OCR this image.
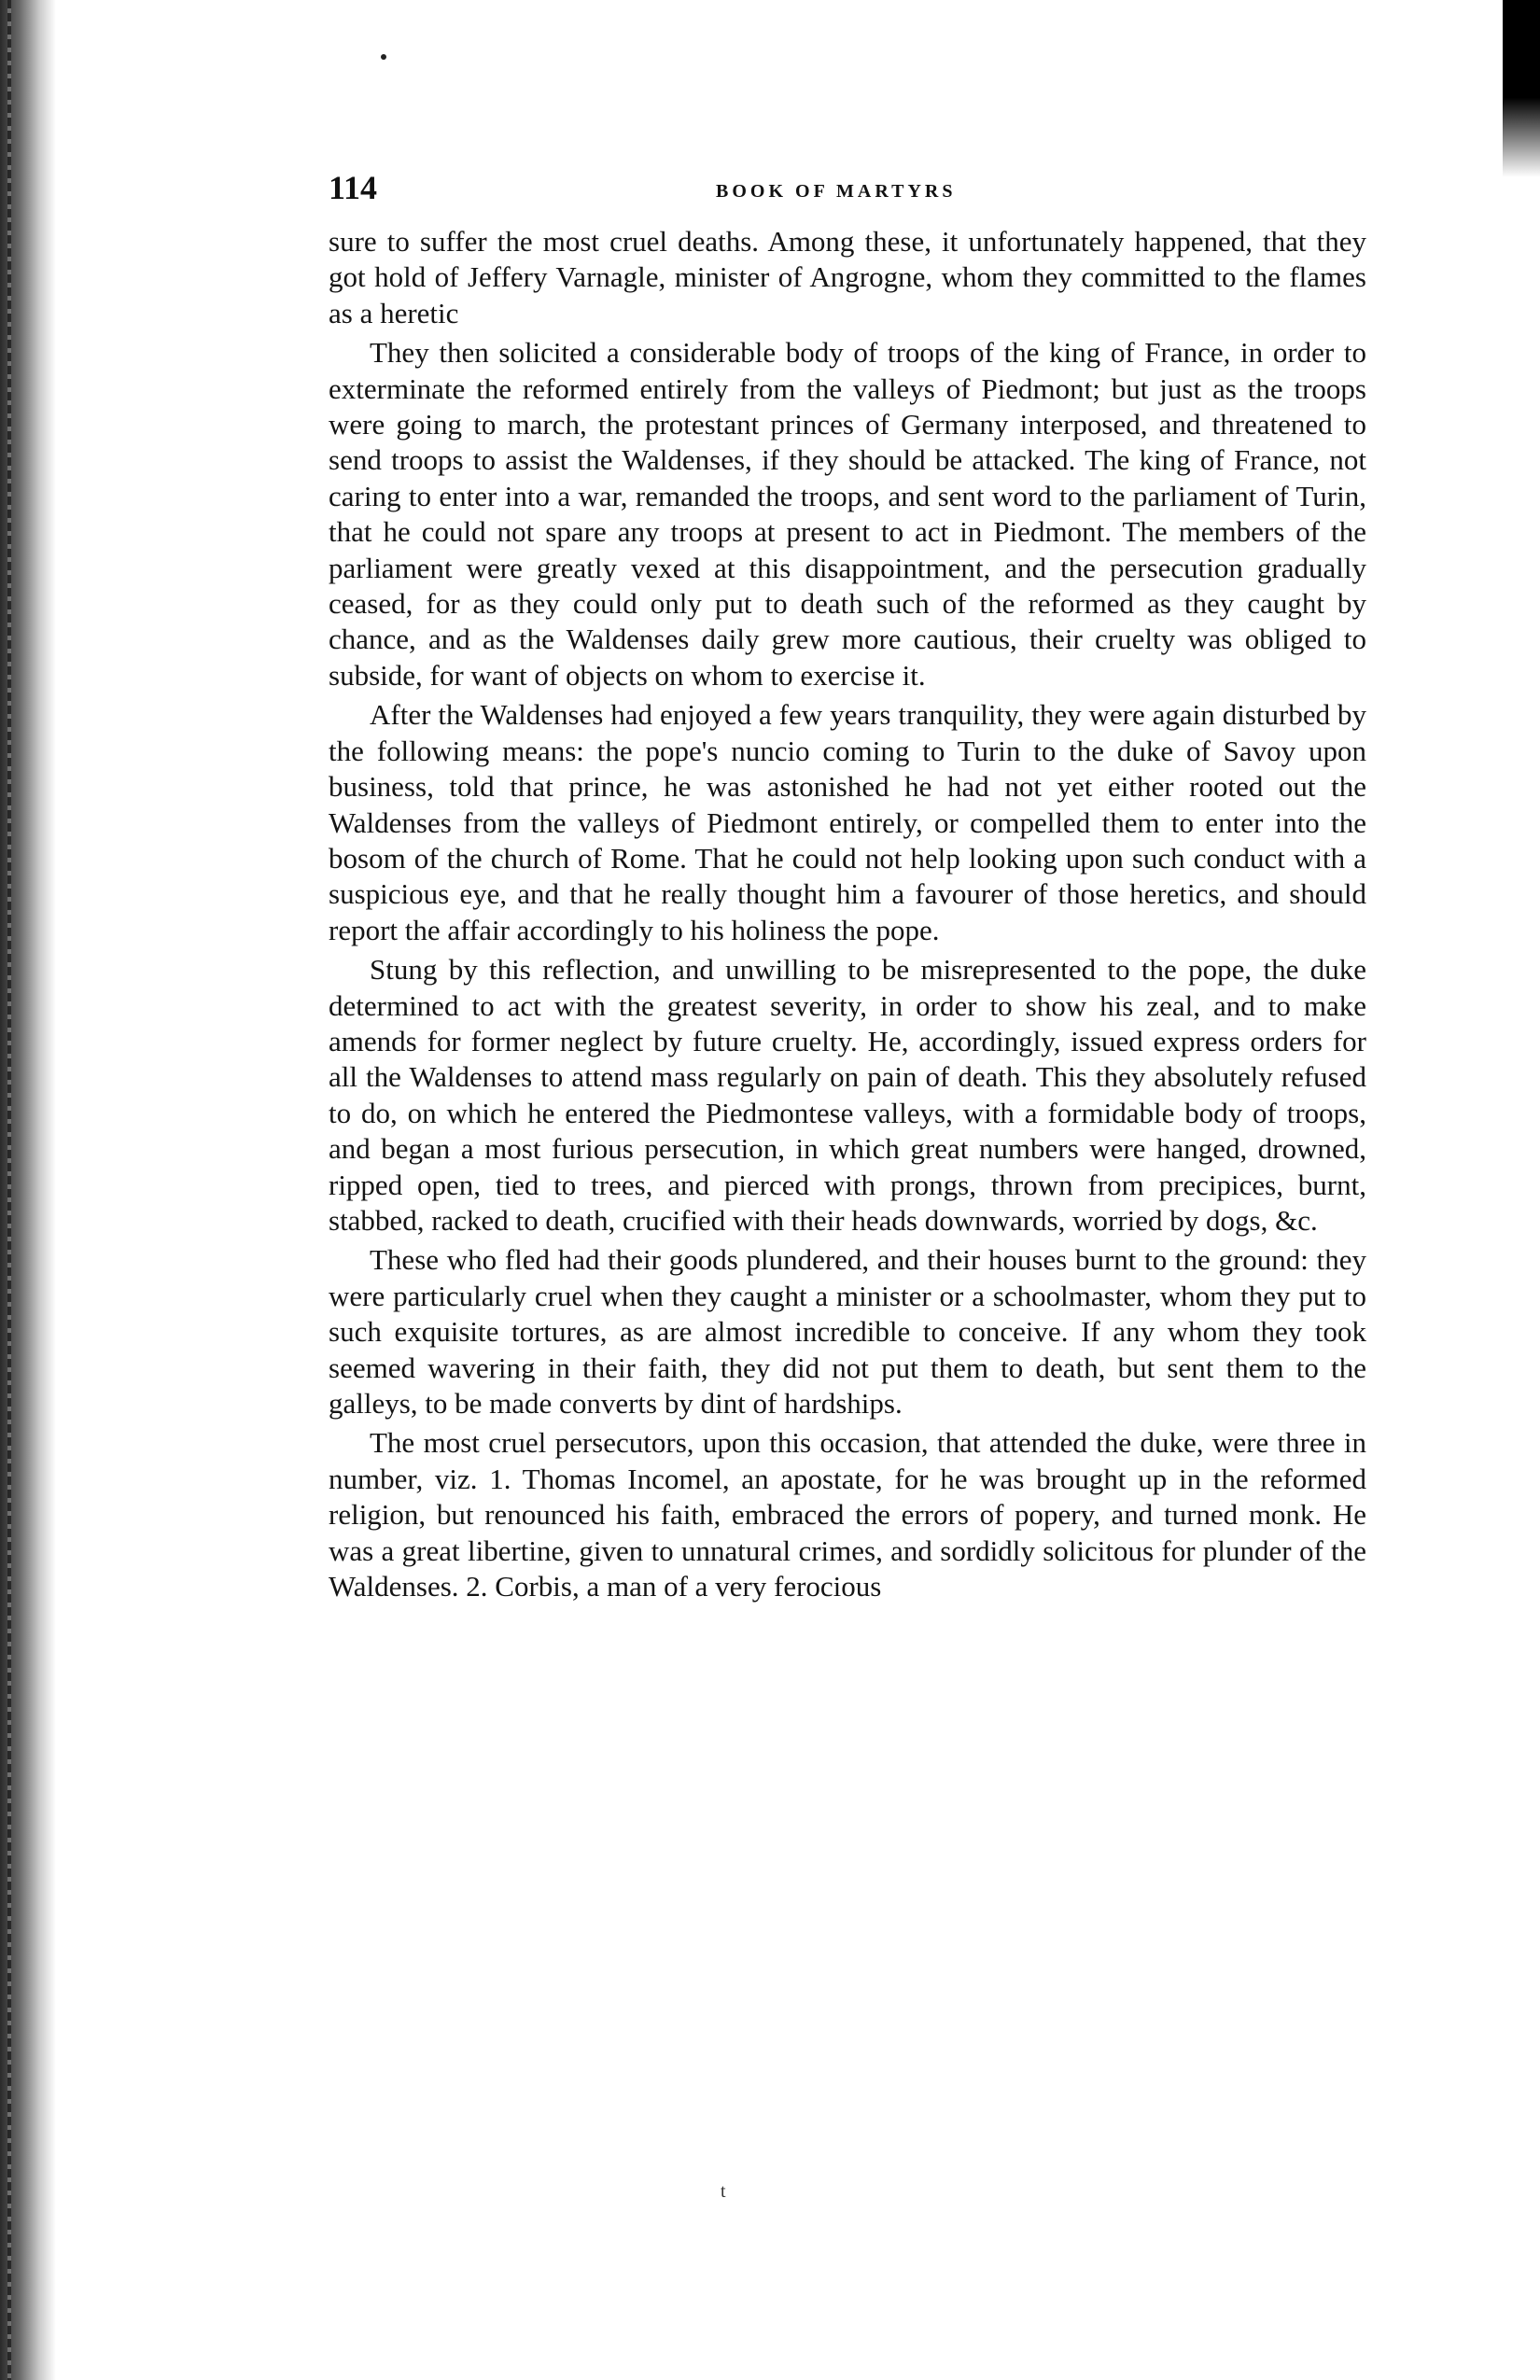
114	BOOK OF MARTYRS

sure to suffer the most cruel deaths. Among these, it unfortunately happened, that they got hold of Jeffery Varnagle, minister of Angrogne, whom they committed to the flames as a heretic

They then solicited a considerable body of troops of the king of France, in order to exterminate the reformed entirely from the valleys of Piedmont; but just as the troops were going to march, the protestant princes of Germany interposed, and threatened to send troops to assist the Waldenses, if they should be attacked. The king of France, not caring to enter into a war, remanded the troops, and sent word to the parliament of Turin, that he could not spare any troops at present to act in Piedmont. The members of the parliament were greatly vexed at this disappointment, and the persecution gradually ceased, for as they could only put to death such of the reformed as they caught by chance, and as the Waldenses daily grew more cautious, their cruelty was obliged to subside, for want of objects on whom to exercise it.

After the Waldenses had enjoyed a few years tranquility, they were again disturbed by the following means: the pope's nuncio coming to Turin to the duke of Savoy upon business, told that prince, he was astonished he had not yet either rooted out the Waldenses from the valleys of Piedmont entirely, or compelled them to enter into the bosom of the church of Rome. That he could not help looking upon such conduct with a suspicious eye, and that he really thought him a favourer of those heretics, and should report the affair accordingly to his holiness the pope.

Stung by this reflection, and unwilling to be misrepresented to the pope, the duke determined to act with the greatest severity, in order to show his zeal, and to make amends for former neglect by future cruelty. He, accordingly, issued express orders for all the Waldenses to attend mass regularly on pain of death. This they absolutely refused to do, on which he entered the Piedmontese valleys, with a formidable body of troops, and began a most furious persecution, in which great numbers were hanged, drowned, ripped open, tied to trees, and pierced with prongs, thrown from precipices, burnt, stabbed, racked to death, crucified with their heads downwards, worried by dogs, &c.

These who fled had their goods plundered, and their houses burnt to the ground: they were particularly cruel when they caught a minister or a schoolmaster, whom they put to such exquisite tortures, as are almost incredible to conceive. If any whom they took seemed wavering in their faith, they did not put them to death, but sent them to the galleys, to be made converts by dint of hardships.

The most cruel persecutors, upon this occasion, that attended the duke, were three in number, viz. 1. Thomas Incomel, an apostate, for he was brought up in the reformed religion, but renounced his faith, embraced the errors of popery, and turned monk. He was a great libertine, given to unnatural crimes, and sordidly solicitous for plunder of the Waldenses. 2. Corbis, a man of a very ferocious

t
